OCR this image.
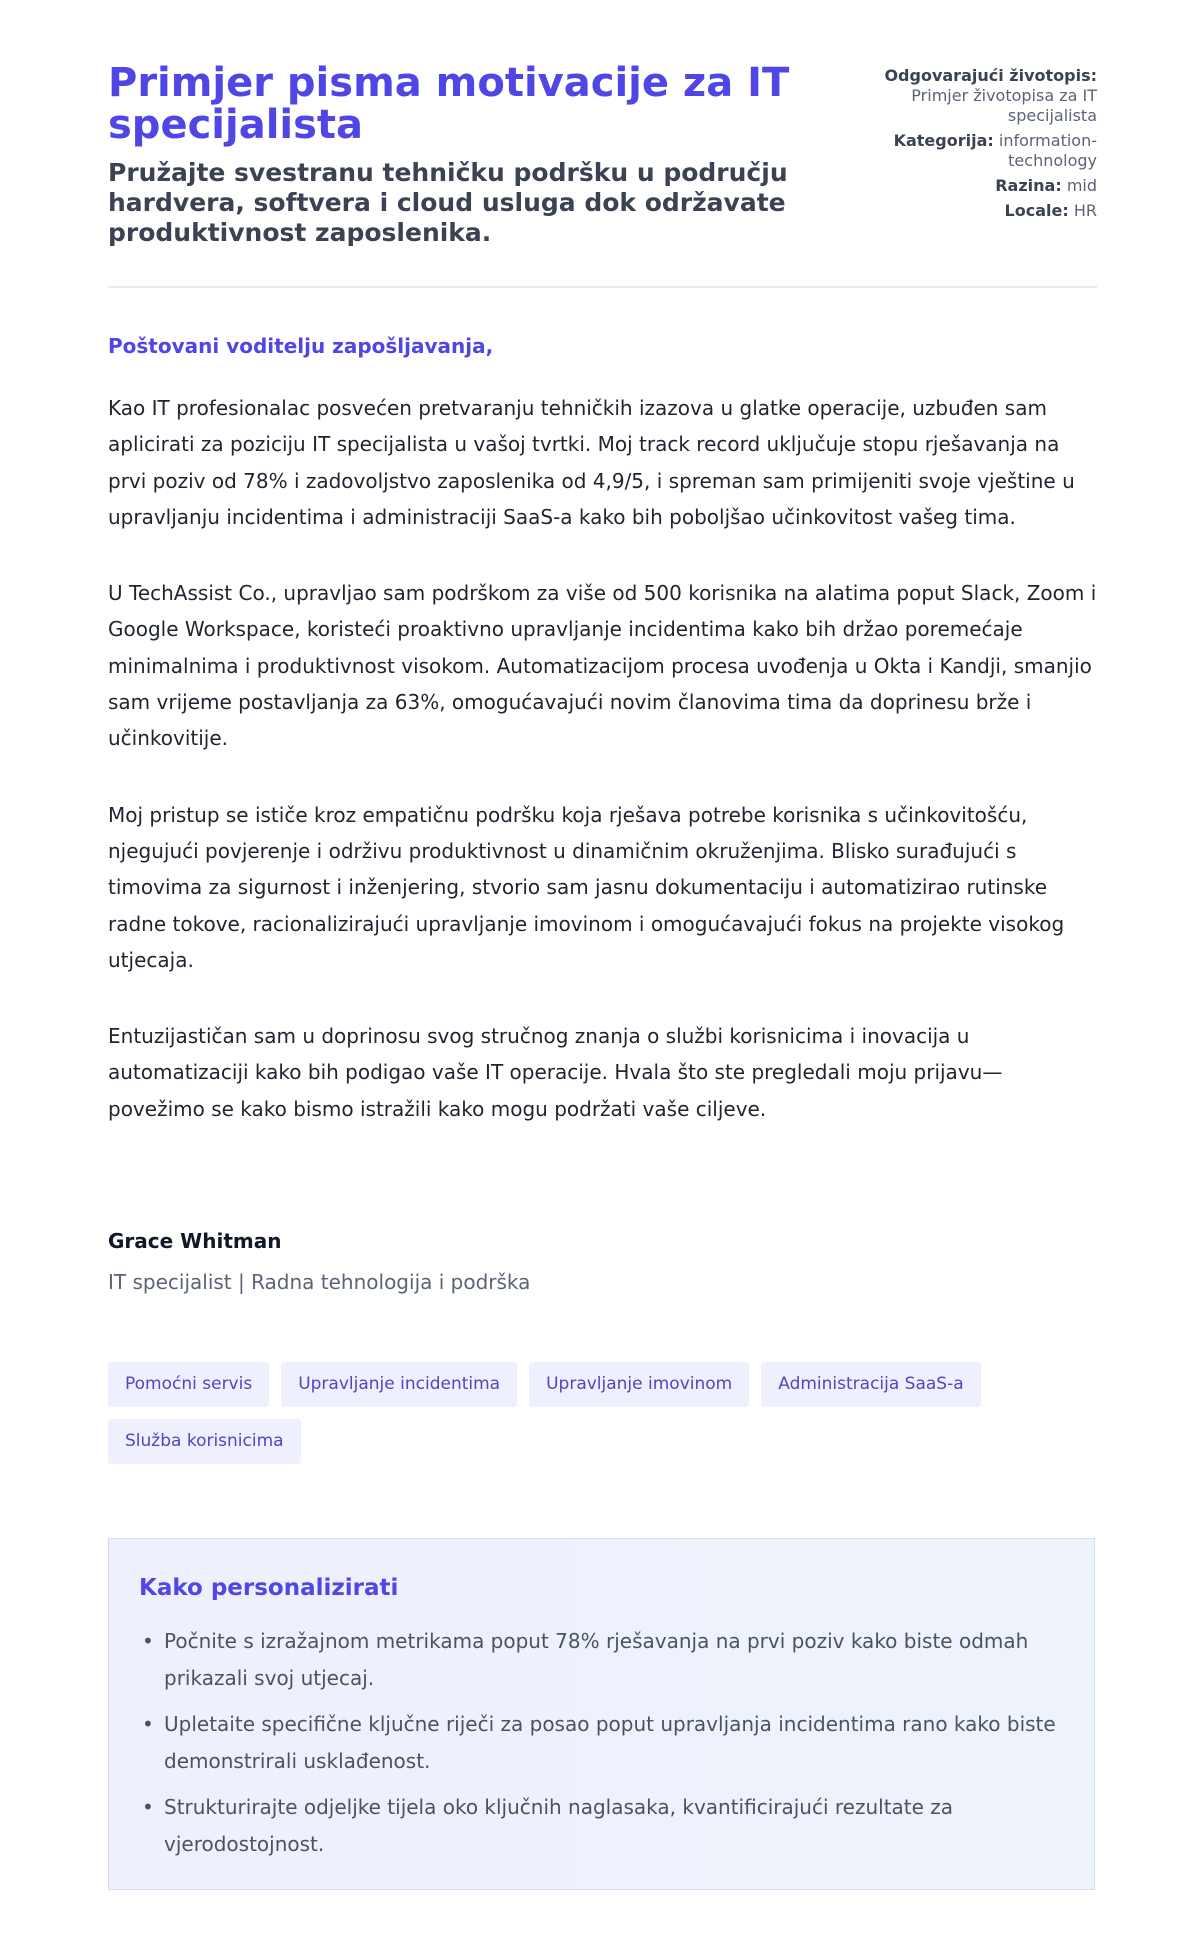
Primjer pisma motivacije za IT specijalista
Pružajte svestranu tehničku podršku u području hardvera, softvera i cloud usluga dok održavate produktivnost zaposlenika.
Odgovarajući životopis: Primjer životopisa za IT specijalista
Kategorija: information-technology
Razina: mid
Locale: HR

Poštovani voditelju zapošljavanja,

Kao IT profesionalac posvećen pretvaranju tehničkih izazova u glatke operacije, uzbuđen sam aplicirati za poziciju IT specijalista u vašoj tvrtki. Moj track record uključuje stopu rješavanja na prvi poziv od 78% i zadovoljstvo zaposlenika od 4,9/5, i spreman sam primijeniti svoje vještine u upravljanju incidentima i administraciji SaaS-a kako bih poboljšao učinkovitost vašeg tima.

U TechAssist Co., upravljao sam podrškom za više od 500 korisnika na alatima poput Slack, Zoom i Google Workspace, koristeći proaktivno upravljanje incidentima kako bih držao poremećaje minimalnima i produktivnost visokom. Automatizacijom procesa uvođenja u Okta i Kandji, smanjio sam vrijeme postavljanja za 63%, omogućavajući novim članovima tima da doprinesu brže i učinkovitije.

Moj pristup se ističe kroz empatičnu podršku koja rješava potrebe korisnika s učinkovitošću, njegujući povjerenje i održivu produktivnost u dinamičnim okruženjima. Blisko surađujući s timovima za sigurnost i inženjering, stvorio sam jasnu dokumentaciju i automatizirao rutinske radne tokove, racionalizirajući upravljanje imovinom i omogućavajući fokus na projekte visokog utjecaja.

Entuzijastičan sam u doprinosu svog stručnog znanja o službi korisnicima i inovacija u automatizaciji kako bih podigao vaše IT operacije. Hvala što ste pregledali moju prijavu—povežimo se kako bismo istražili kako mogu podržati vaše ciljeve.

Grace Whitman
IT specijalist | Radna tehnologija i podrška
Pomoćni servis	Upravljanje incidentima	Upravljanje imovinom	Administracija SaaS-a
Služba korisnicima
Kako personalizirati
• Počnite s izražajnom metrikama poput 78% rješavanja na prvi poziv kako biste odmah prikazali svoj utjecaj.
• Upletaite specifične ključne riječi za posao poput upravljanja incidentima rano kako biste demonstrirali usklađenost.
• Strukturirajte odjeljke tijela oko ključnih naglasaka, kvantificirajući rezultate za vjerodostojnost.
